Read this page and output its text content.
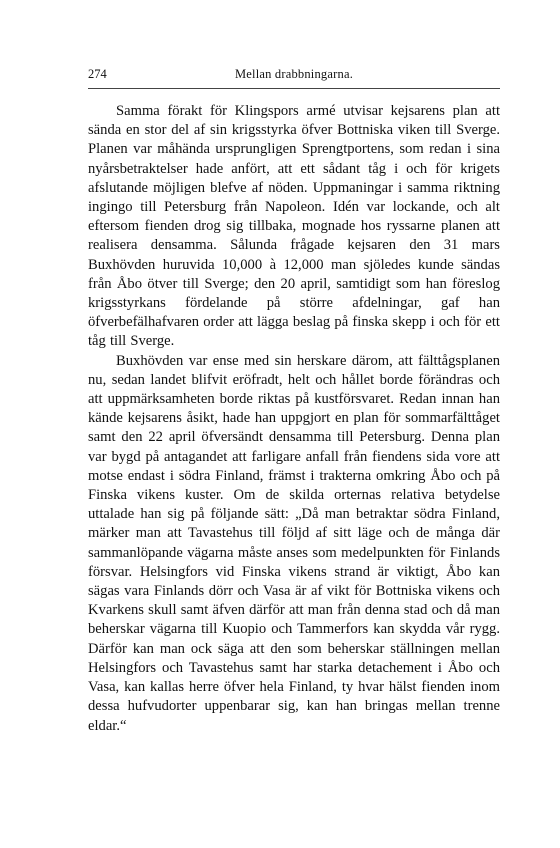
274	Mellan drabbningarna.

Samma förakt för Klingspors armé utvisar kejsarens plan att sända en stor del af sin krigsstyrka öfver Bottniska viken till Sverge. Planen var måhända ursprungligen Sprengtportens, som redan i sina nyårsbetraktelser hade anfört, att ett sådant tåg i och för krigets afslutande möjligen blefve af nöden. Uppmaningar i samma riktning ingingo till Petersburg från Napoleon. Idén var lockande, och alt eftersom fienden drog sig tillbaka, mognade hos ryssarne planen att realisera densamma. Sålunda frågade kejsaren den 31 mars Buxhövden huruvida 10,000 à 12,000 man sjöledes kunde sändas från Åbo ötver till Sverge; den 20 april, samtidigt som han föreslog krigsstyrkans fördelande på större afdelningar, gaf han öfverbefälhafvaren order att lägga beslag på finska skepp i och för ett tåg till Sverge.

Buxhövden var ense med sin herskare därom, att fälttågsplanen nu, sedan landet blifvit eröfradt, helt och hållet borde förändras och att uppmärksamheten borde riktas på kustförsvaret. Redan innan han kände kejsarens åsikt, hade han uppgjort en plan för sommarfälttåget samt den 22 april öfversändt densamma till Petersburg. Denna plan var bygd på antagandet att farligare anfall från fiendens sida vore att motse endast i södra Finland, främst i trakterna omkring Åbo och på Finska vikens kuster. Om de skilda orternas relativa betydelse uttalade han sig på följande sätt: „Då man betraktar södra Finland, märker man att Tavastehus till följd af sitt läge och de många där sammanlöpande vägarna måste anses som medelpunkten för Finlands försvar. Helsingfors vid Finska vikens strand är viktigt, Åbo kan sägas vara Finlands dörr och Vasa är af vikt för Bottniska vikens och Kvarkens skull samt äfven därför att man från denna stad och då man beherskar vägarna till Kuopio och Tammerfors kan skydda vår rygg. Därför kan man ock säga att den som beherskar ställningen mellan Helsingfors och Tavastehus samt har starka detachement i Åbo och Vasa, kan kallas herre öfver hela Finland, ty hvar hälst fienden inom dessa hufvudorter uppenbarar sig, kan han bringas mellan trenne eldar.“
